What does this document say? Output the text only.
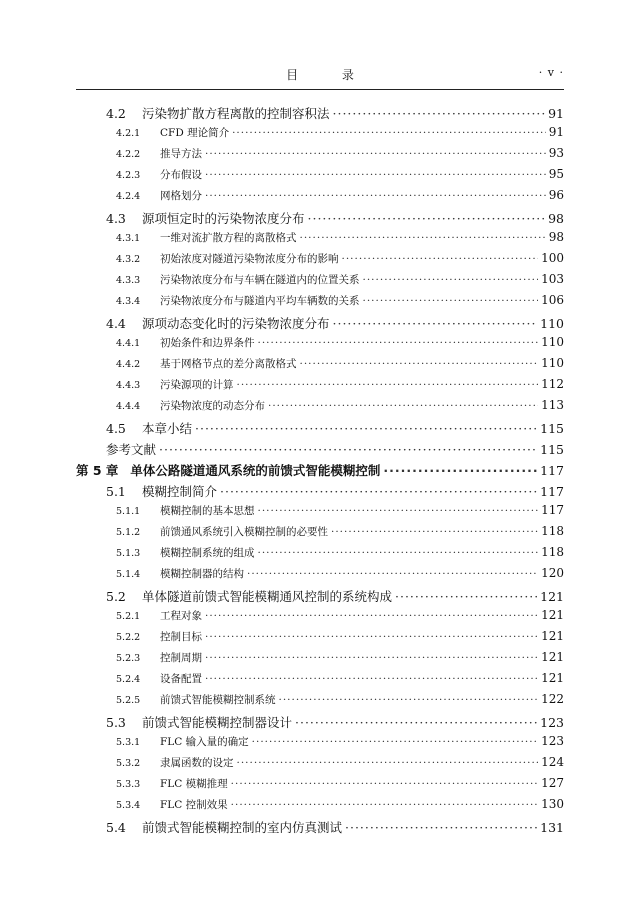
目 录	· v ·
4.2	污染物扩散方程离散的控制容积法 ·····	91
4.2.1	CFD 理论简介 ·····	91
4.2.2	推导方法 ·····	93
4.2.3	分布假设 ·····	95
4.2.4	网格划分 ·····	96
4.3	源项恒定时的污染物浓度分布 ·····	98
4.3.1	一维对流扩散方程的离散格式 ·····	98
4.3.2	初始浓度对隧道污染物浓度分布的影响 ·····	100
4.3.3	污染物浓度分布与车辆在隧道内的位置关系 ·····	103
4.3.4	污染物浓度分布与隧道内平均车辆数的关系 ·····	106
4.4	源项动态变化时的污染物浓度分布 ·····	110
4.4.1	初始条件和边界条件 ·····	110
4.4.2	基于网格节点的差分离散格式 ·····	110
4.4.3	污染源项的计算 ·····	112
4.4.4	污染物浓度的动态分布 ·····	113
4.5	本章小结 ·····	115
参考文献 ·····	115
第 5 章 单体公路隧道通风系统的前馈式智能模糊控制 ·····	117
5.1	模糊控制简介 ·····	117
5.1.1	模糊控制的基本思想 ·····	117
5.1.2	前馈通风系统引入模糊控制的必要性 ·····	118
5.1.3	模糊控制系统的组成 ·····	118
5.1.4	模糊控制器的结构 ·····	120
5.2	单体隧道前馈式智能模糊通风控制的系统构成 ·····	121
5.2.1	工程对象 ·····	121
5.2.2	控制目标 ·····	121
5.2.3	控制周期 ·····	121
5.2.4	设备配置 ·····	121
5.2.5	前馈式智能模糊控制系统 ·····	122
5.3	前馈式智能模糊控制器设计 ·····	123
5.3.1	FLC 输入量的确定 ·····	123
5.3.2	隶属函数的设定 ·····	124
5.3.3	FLC 模糊推理 ·····	127
5.3.4	FLC 控制效果 ·····	130
5.4	前馈式智能模糊控制的室内仿真测试 ·····	131
